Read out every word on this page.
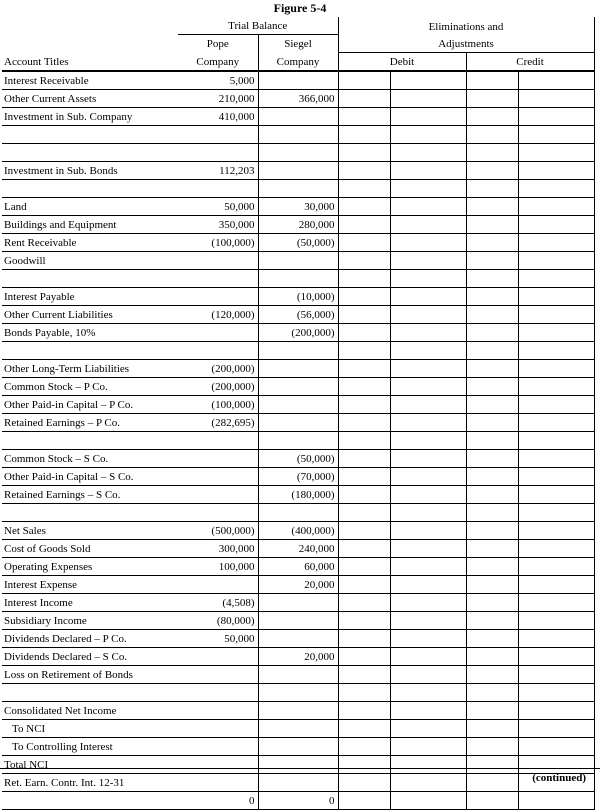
Figure 5-4
	Trial Balance		Eliminations and			
	Pope	Siegel	Adjustments			
Account Titles	Company	Company	Debit		Credit	
Interest Receivable	5,000					
Other Current Assets	210,000	366,000				
Investment in Sub. Company	410,000					

Investment in Sub. Bonds	112,203					

Land	50,000	30,000				
Buildings and Equipment	350,000	280,000				
Rent Receivable	(100,000)	(50,000)				
Goodwill						

Interest Payable		(10,000)				
Other Current Liabilities	(120,000)	(56,000)				
Bonds Payable, 10%		(200,000)				

Other Long-Term Liabilities	(200,000)					
Common Stock – P Co.	(200,000)					
Other Paid-in Capital – P Co.	(100,000)					
Retained Earnings – P Co.	(282,695)					

Common Stock – S Co.		(50,000)				
Other Paid-in Capital – S Co.		(70,000)				
Retained Earnings – S Co.		(180,000)				

Net Sales	(500,000)	(400,000)				
Cost of Goods Sold	300,000	240,000				
Operating Expenses	100,000	60,000				
Interest Expense		20,000				
Interest Income	(4,508)					
Subsidiary Income	(80,000)					
Dividends Declared – P Co.	50,000					
Dividends Declared – S Co.		20,000				
Loss on Retirement of Bonds						

Consolidated Net Income						
To NCI						
To Controlling Interest						
Total NCI						
Ret. Earn. Contr. Int. 12-31						
	0	0				
(continued)
